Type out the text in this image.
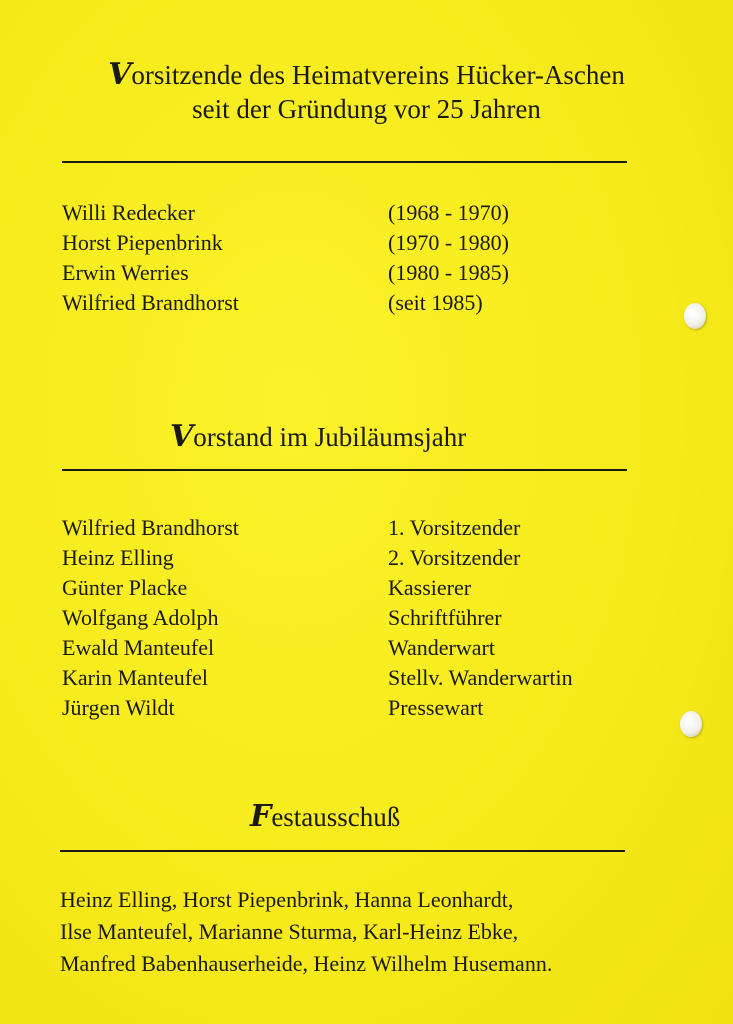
Vorsitzende des Heimatvereins Hücker-Aschen
seit der Gründung vor 25 Jahren
Willi Redecker	(1968 - 1970)
Horst Piepenbrink	(1970 - 1980)
Erwin Werries	(1980 - 1985)
Wilfried Brandhorst	(seit 1985)
Vorstand im Jubiläumsjahr
Wilfried Brandhorst	1. Vorsitzender
Heinz Elling	2. Vorsitzender
Günter Placke	Kassierer
Wolfgang Adolph	Schriftführer
Ewald Manteufel	Wanderwart
Karin Manteufel	Stellv. Wanderwartin
Jürgen Wildt	Pressewart
Festausschuß
Heinz Elling, Horst Piepenbrink, Hanna Leonhardt,
Ilse Manteufel, Marianne Sturma, Karl-Heinz Ebke,
Manfred Babenhauserheide, Heinz Wilhelm Husemann.
